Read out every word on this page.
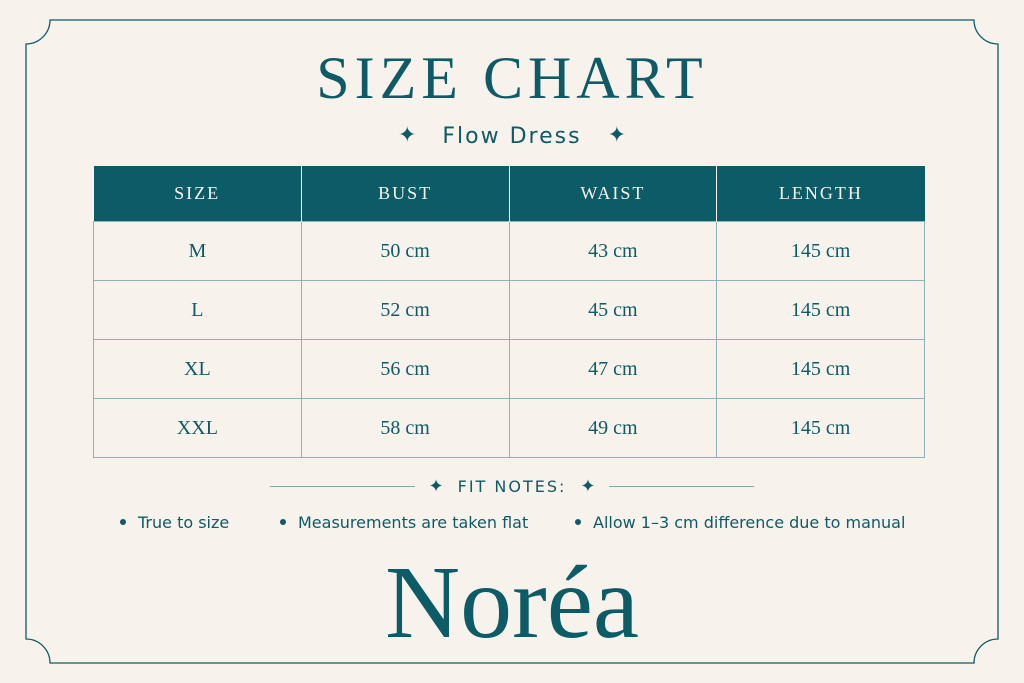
SIZE CHART
✦ Flow Dress ✦
SIZE	BUST	WAIST	LENGTH
M	50 cm	43 cm	145 cm
L	52 cm	45 cm	145 cm
XL	56 cm	47 cm	145 cm
XXL	58 cm	49 cm	145 cm
✦ FIT NOTES: ✦
True to size	Measurements are taken flat	Allow 1–3 cm difference due to manual
Noréa
